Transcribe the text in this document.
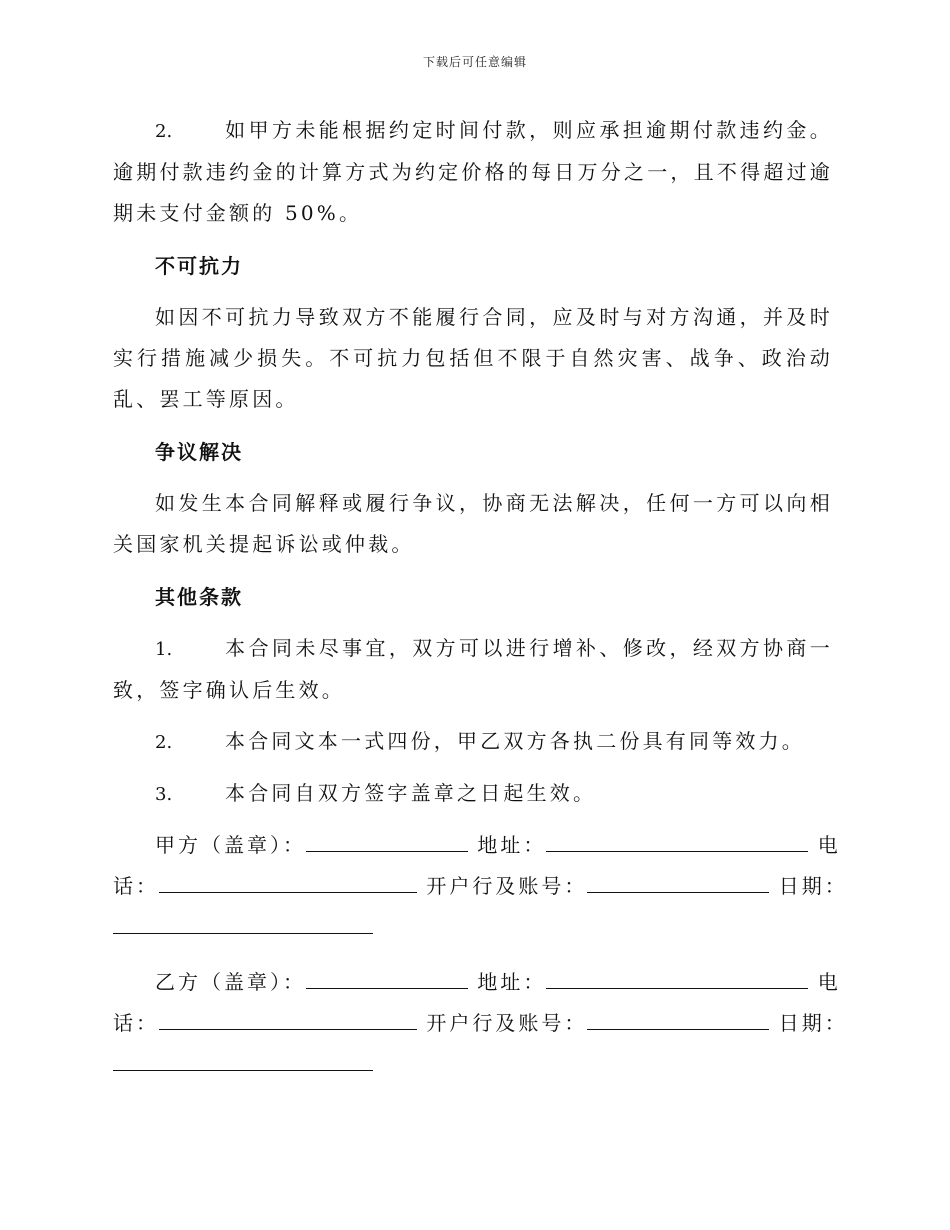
下载后可任意编辑

2.	如甲方未能根据约定时间付款，则应承担逾期付款违约金。逾期付款违约金的计算方式为约定价格的每日万分之一，且不得超过逾期未支付金额的 50%。

不可抗力

如因不可抗力导致双方不能履行合同，应及时与对方沟通，并及时实行措施减少损失。不可抗力包括但不限于自然灾害、战争、政治动乱、罢工等原因。

争议解决

如发生本合同解释或履行争议，协商无法解决，任何一方可以向相关国家机关提起诉讼或仲裁。

其他条款

1.	本合同未尽事宜，双方可以进行增补、修改，经双方协商一致，签字确认后生效。

2.	本合同文本一式四份，甲乙双方各执二份具有同等效力。

3.	本合同自双方签字盖章之日起生效。

甲方（盖章）：	地址：	电

话：	开户行及账号：	日期：

乙方（盖章）：	地址：	电

话：	开户行及账号：	日期：
